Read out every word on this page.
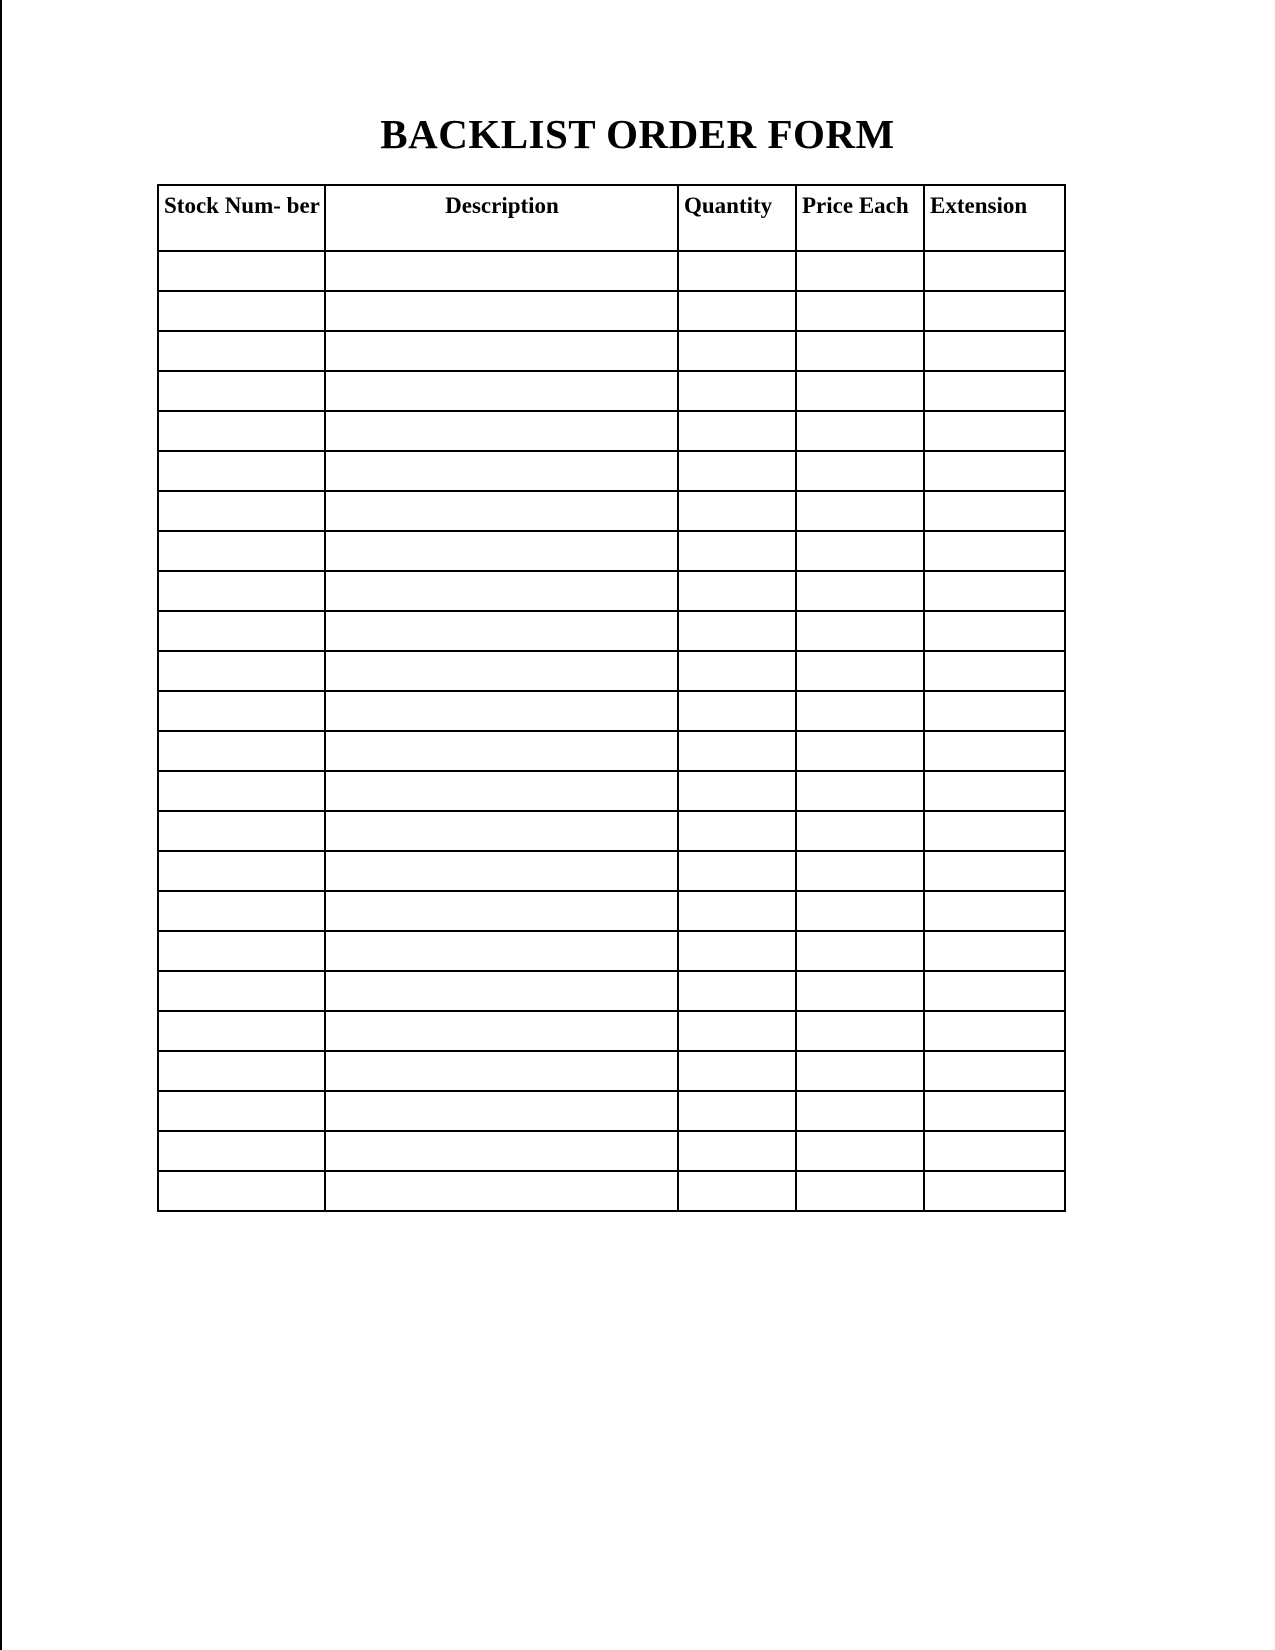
BACKLIST ORDER FORM
Stock Num- ber	Description	Quantity	Price Each	Extension
